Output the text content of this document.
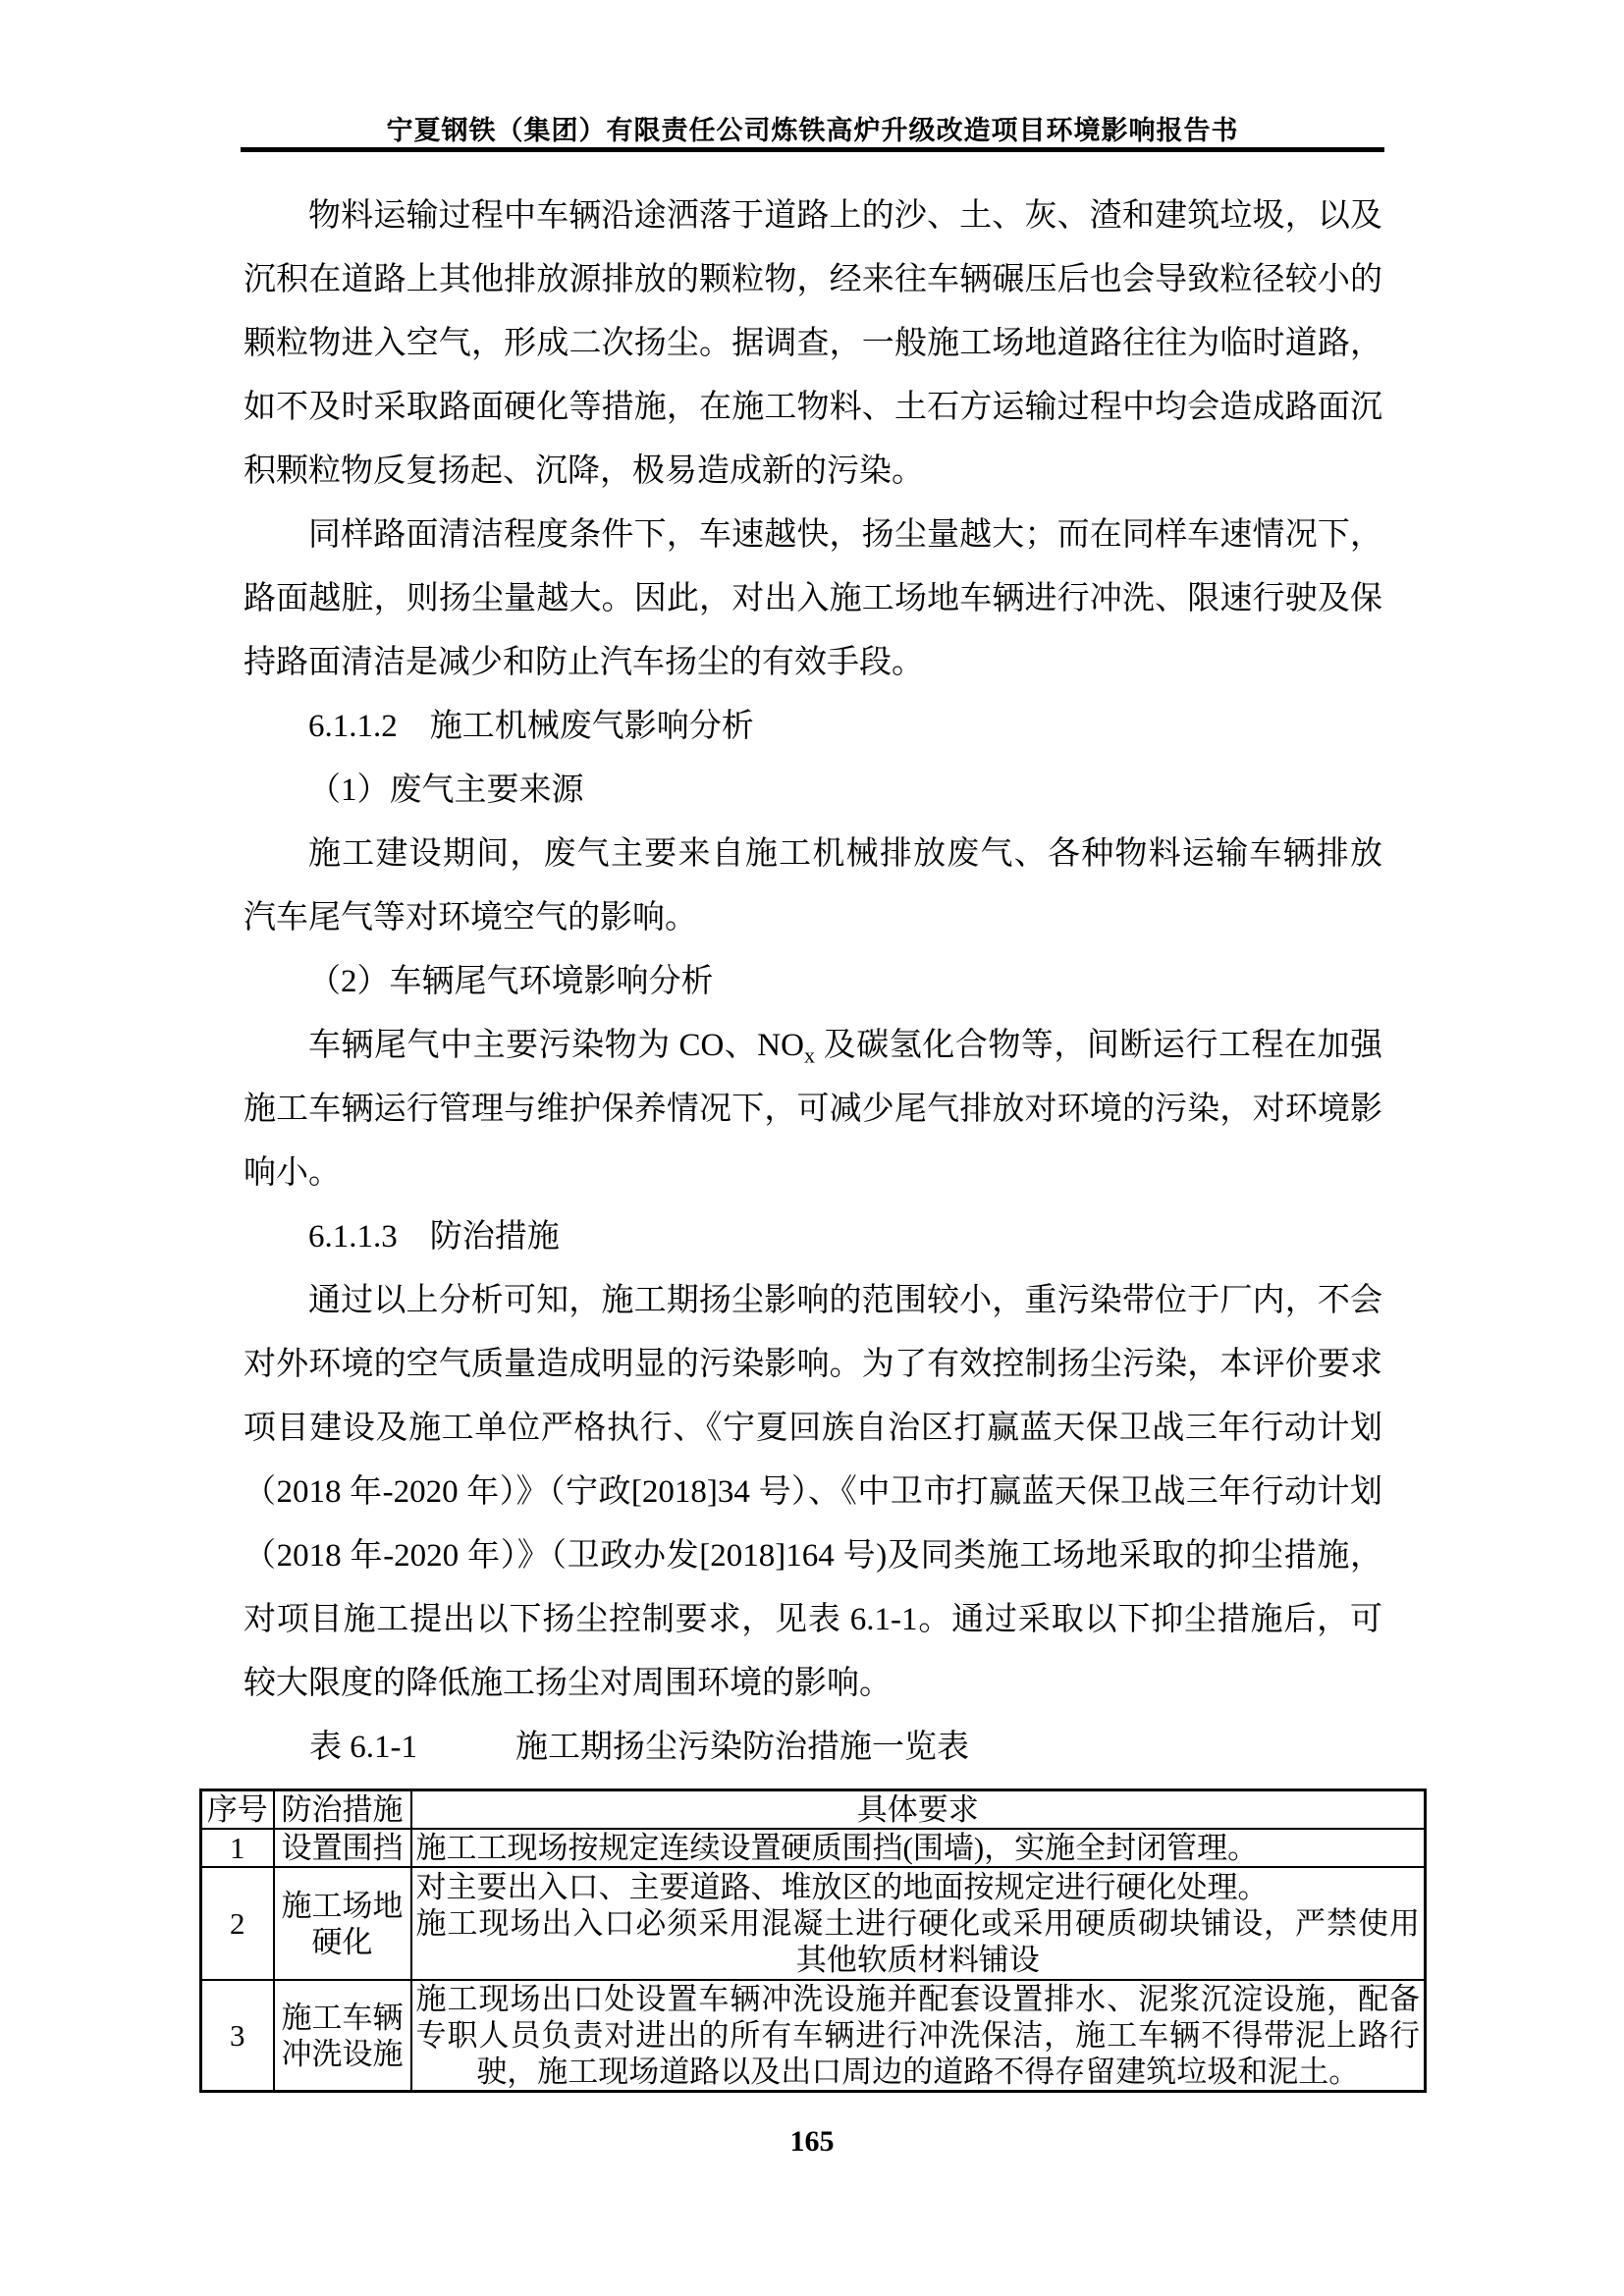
宁夏钢铁（集团）有限责任公司炼铁高炉升级改造项目环境影响报告书
物料运输过程中车辆沿途洒落于道路上的沙、土、灰、渣和建筑垃圾，以及
沉积在道路上其他排放源排放的颗粒物，经来往车辆碾压后也会导致粒径较小的
颗粒物进入空气，形成二次扬尘。据调查，一般施工场地道路往往为临时道路，
如不及时采取路面硬化等措施，在施工物料、土石方运输过程中均会造成路面沉
积颗粒物反复扬起、沉降，极易造成新的污染。
同样路面清洁程度条件下，车速越快，扬尘量越大；而在同样车速情况下，
路面越脏，则扬尘量越大。因此，对出入施工场地车辆进行冲洗、限速行驶及保
持路面清洁是减少和防止汽车扬尘的有效手段。
6.1.1.2 施工机械废气影响分析
（1）废气主要来源
施工建设期间，废气主要来自施工机械排放废气、各种物料运输车辆排放
汽车尾气等对环境空气的影响。
（2）车辆尾气环境影响分析
车辆尾气中主要污染物为 CO、$NO_x$ 及碳氢化合物等，间断运行工程在加强
施工车辆运行管理与维护保养情况下，可减少尾气排放对环境的污染，对环境影
响小。
6.1.1.3 防治措施
通过以上分析可知，施工期扬尘影响的范围较小，重污染带位于厂内，不会
对外环境的空气质量造成明显的污染影响。为了有效控制扬尘污染，本评价要求
项目建设及施工单位严格执行、《宁夏回族自治区打赢蓝天保卫战三年行动计划
（2018 年-2020 年）》（宁政[2018]34 号）、《中卫市打赢蓝天保卫战三年行动计划
（2018 年-2020 年）》（卫政办发[2018]164 号)及同类施工场地采取的抑尘措施，
对项目施工提出以下扬尘控制要求，见表 6.1-1。通过采取以下抑尘措施后，可
较大限度的降低施工扬尘对周围环境的影响。
表 6.1-1	施工期扬尘污染防治措施一览表
序号	防治措施	具体要求
1	设置围挡	施工工现场按规定连续设置硬质围挡(围墙)，实施全封闭管理。

2	施工场地硬化	对主要出入口、主要道路、堆放区的地面按规定进行硬化处理。

施工现场出入口必须采用混凝土进行硬化或采用硬质砌块铺设，严禁使用其他软质材料铺设

3	施工车辆冲洗设施	施工现场出口处设置车辆冲洗设施并配套设置排水、泥浆沉淀设施，配备专职人员负责对进出的所有车辆进行冲洗保洁，施工车辆不得带泥上路行驶，施工现场道路以及出口周边的道路不得存留建筑垃圾和泥土。

165
